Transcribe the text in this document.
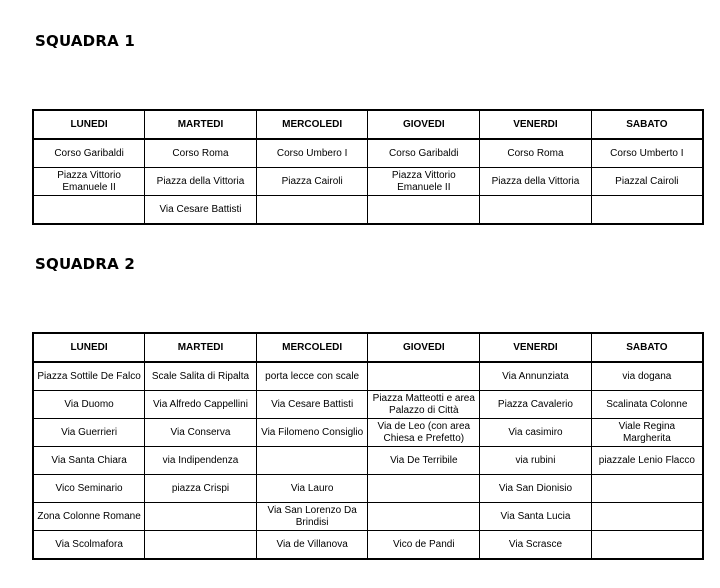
SQUADRA 1
LUNEDI	MARTEDI	MERCOLEDI	GIOVEDI	VENERDI	SABATO
Corso Garibaldi	Corso Roma	Corso Umbero I	Corso Garibaldi	Corso Roma	Corso Umberto I
Piazza Vittorio Emanuele II	Piazza della Vittoria	Piazza Cairoli	Piazza Vittorio Emanuele II	Piazza della Vittoria	Piazzal Cairoli
	Via Cesare Battisti				
SQUADRA 2
LUNEDI	MARTEDI	MERCOLEDI	GIOVEDI	VENERDI	SABATO
Piazza Sottile De Falco	Scale Salita di Ripalta	porta lecce con scale		Via Annunziata	via dogana
Via Duomo	Via Alfredo Cappellini	Via Cesare Battisti	Piazza Matteotti e area Palazzo di Città	Piazza Cavalerio	Scalinata Colonne
Via Guerrieri	Via Conserva	Via Filomeno Consiglio	Via de Leo (con area Chiesa e Prefetto)	Via casimiro	Viale Regina Margherita
Via Santa Chiara	via Indipendenza		Via De Terribile	via rubini	piazzale Lenio Flacco
Vico Seminario	piazza Crispi	Via Lauro		Via San Dionisio	
Zona Colonne Romane		Via San Lorenzo Da Brindisi		Via Santa Lucia	
Via Scolmafora		Via de Villanova	Vico de Pandi	Via Scrasce	
